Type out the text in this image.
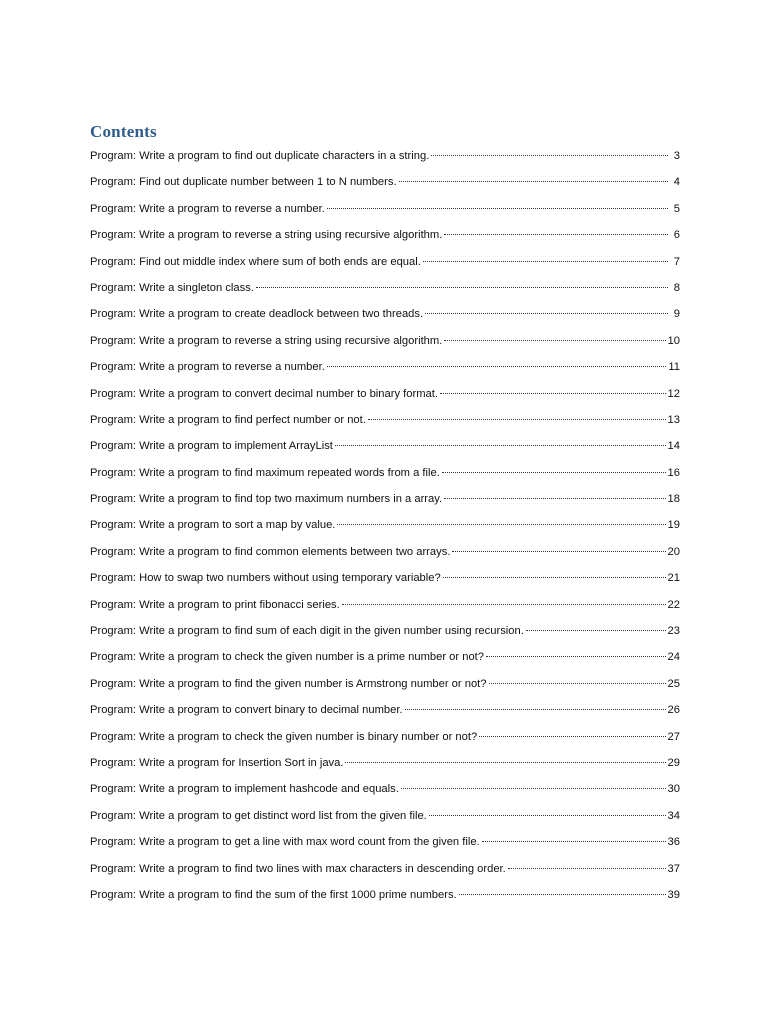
Contents
Program: Write a program to find out duplicate characters in a string.	3
Program: Find out duplicate number between 1 to N numbers.	4
Program: Write a program to reverse a number.	5
Program: Write a program to reverse a string using recursive algorithm.	6
Program: Find out middle index where sum of both ends are equal.	7
Program: Write a singleton class.	8
Program: Write a program to create deadlock between two threads.	9
Program: Write a program to reverse a string using recursive algorithm.	10
Program: Write a program to reverse a number.	11
Program: Write a program to convert decimal number to binary format.	12
Program: Write a program to find perfect number or not.	13
Program: Write a program to implement ArrayList	14
Program: Write a program to find maximum repeated words from a file.	16
Program: Write a program to find top two maximum numbers in a array.	18
Program: Write a program to sort a map by value.	19
Program: Write a program to find common elements between two arrays.	20
Program: How to swap two numbers without using temporary variable?	21
Program: Write a program to print fibonacci series.	22
Program: Write a program to find sum of each digit in the given number using recursion.	23
Program: Write a program to check the given number is a prime number or not?	24
Program: Write a program to find the given number is Armstrong number or not?	25
Program: Write a program to convert binary to decimal number.	26
Program: Write a program to check the given number is binary number or not?	27
Program: Write a program for Insertion Sort in java.	29
Program: Write a program to implement hashcode and equals.	30
Program: Write a program to get distinct word list from the given file.	34
Program: Write a program to get a line with max word count from the given file.	36
Program: Write a program to find two lines with max characters in descending order.	37
Program: Write a program to find the sum of the first 1000 prime numbers.	39
